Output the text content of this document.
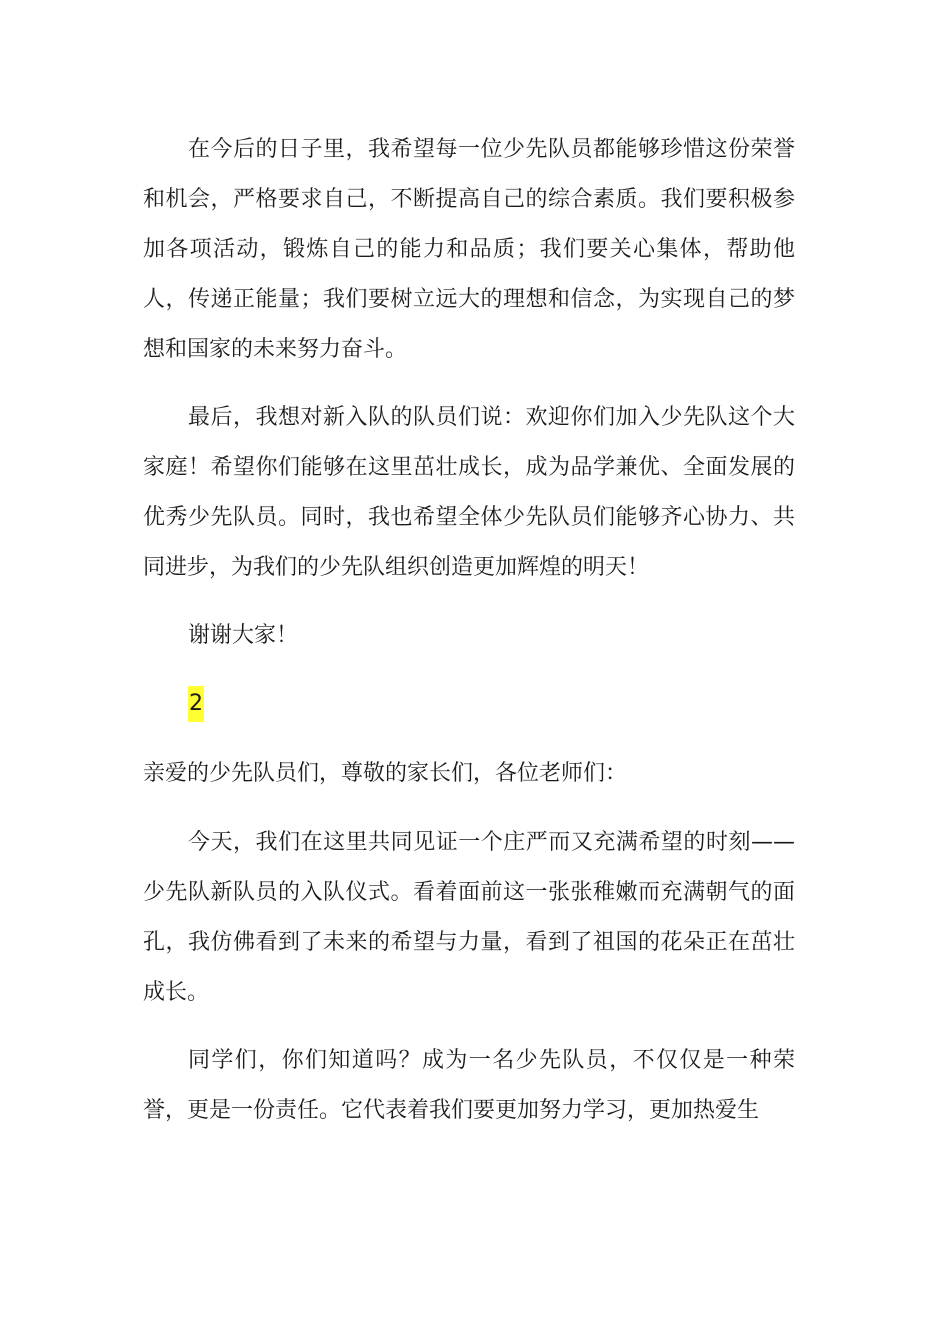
在今后的日子里，我希望每一位少先队员都能够珍惜这份荣誉和机会，严格要求自己，不断提高自己的综合素质。我们要积极参加各项活动，锻炼自己的能力和品质；我们要关心集体，帮助他人，传递正能量；我们要树立远大的理想和信念，为实现自己的梦想和国家的未来努力奋斗。

最后，我想对新入队的队员们说：欢迎你们加入少先队这个大家庭！希望你们能够在这里茁壮成长，成为品学兼优、全面发展的优秀少先队员。同时，我也希望全体少先队员们能够齐心协力、共同进步，为我们的少先队组织创造更加辉煌的明天！

谢谢大家！

2

亲爱的少先队员们，尊敬的家长们，各位老师们：

今天，我们在这里共同见证一个庄严而又充满希望的时刻——少先队新队员的入队仪式。看着面前这一张张稚嫩而充满朝气的面孔，我仿佛看到了未来的希望与力量，看到了祖国的花朵正在茁壮成长。

同学们，你们知道吗？成为一名少先队员，不仅仅是一种荣誉，更是一份责任。它代表着我们要更加努力学习，更加热爱生
